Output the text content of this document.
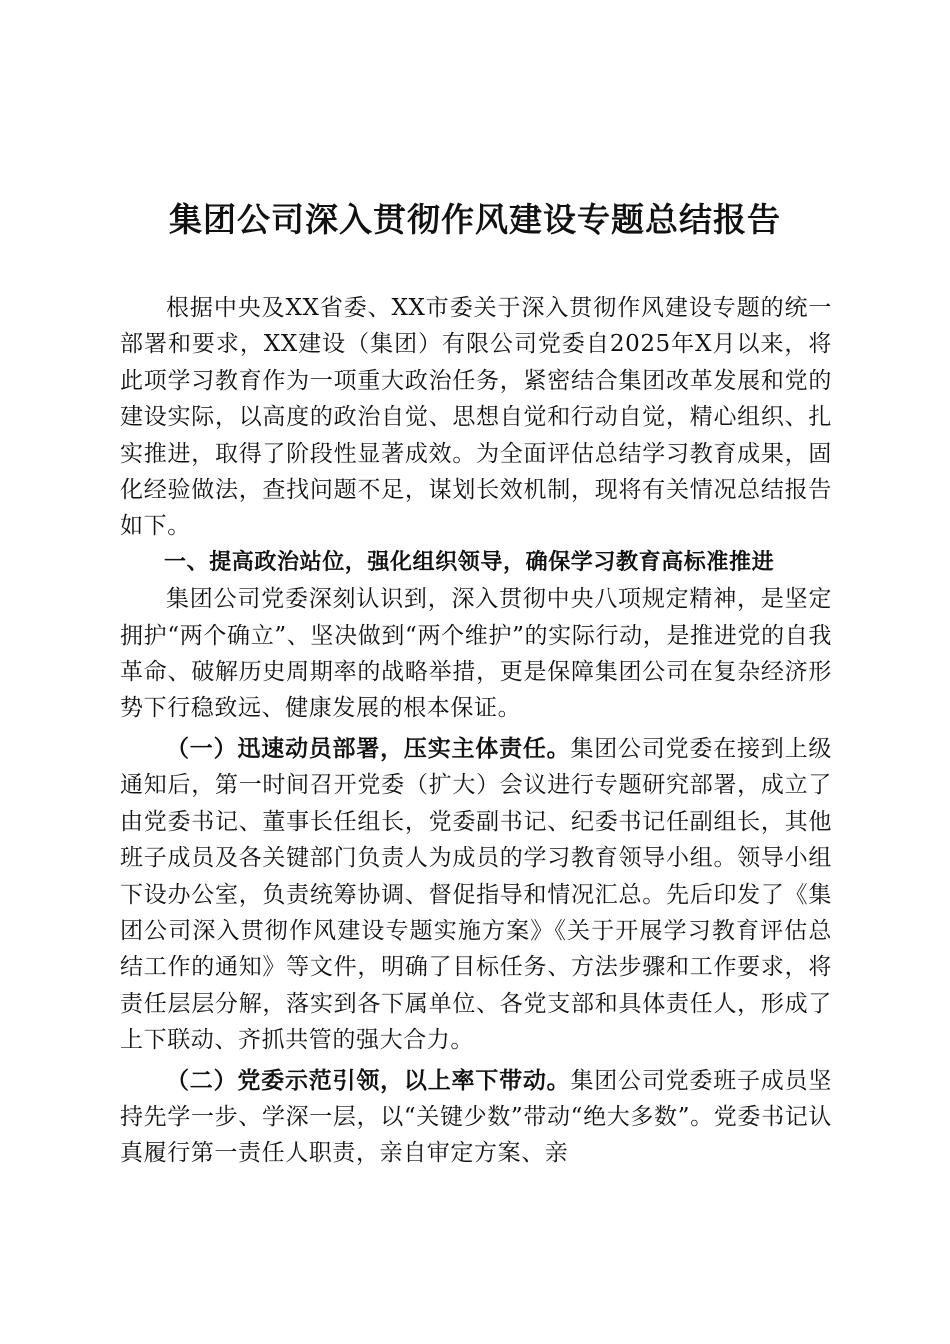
集团公司深入贯彻作风建设专题总结报告

根据中央及XX省委、XX市委关于深入贯彻作风建设专题的统一部署和要求，XX建设（集团）有限公司党委自2025年X月以来，将此项学习教育作为一项重大政治任务，紧密结合集团改革发展和党的建设实际，以高度的政治自觉、思想自觉和行动自觉，精心组织、扎实推进，取得了阶段性显著成效。为全面评估总结学习教育成果，固化经验做法，查找问题不足，谋划长效机制，现将有关情况总结报告如下。

一、提高政治站位，强化组织领导，确保学习教育高标准推进

集团公司党委深刻认识到，深入贯彻中央八项规定精神，是坚定拥护“两个确立”、坚决做到“两个维护”的实际行动，是推进党的自我革命、破解历史周期率的战略举措，更是保障集团公司在复杂经济形势下行稳致远、健康发展的根本保证。

（一）迅速动员部署，压实主体责任。集团公司党委在接到上级通知后，第一时间召开党委（扩大）会议进行专题研究部署，成立了由党委书记、董事长任组长，党委副书记、纪委书记任副组长，其他班子成员及各关键部门负责人为成员的学习教育领导小组。领导小组下设办公室，负责统筹协调、督促指导和情况汇总。先后印发了《集团公司深入贯彻作风建设专题实施方案》《关于开展学习教育评估总结工作的通知》等文件，明确了目标任务、方法步骤和工作要求，将责任层层分解，落实到各下属单位、各党支部和具体责任人，形成了上下联动、齐抓共管的强大合力。

（二）党委示范引领，以上率下带动。集团公司党委班子成员坚持先学一步、学深一层，以“关键少数”带动“绝大多数”。党委书记认真履行第一责任人职责，亲自审定方案、亲
